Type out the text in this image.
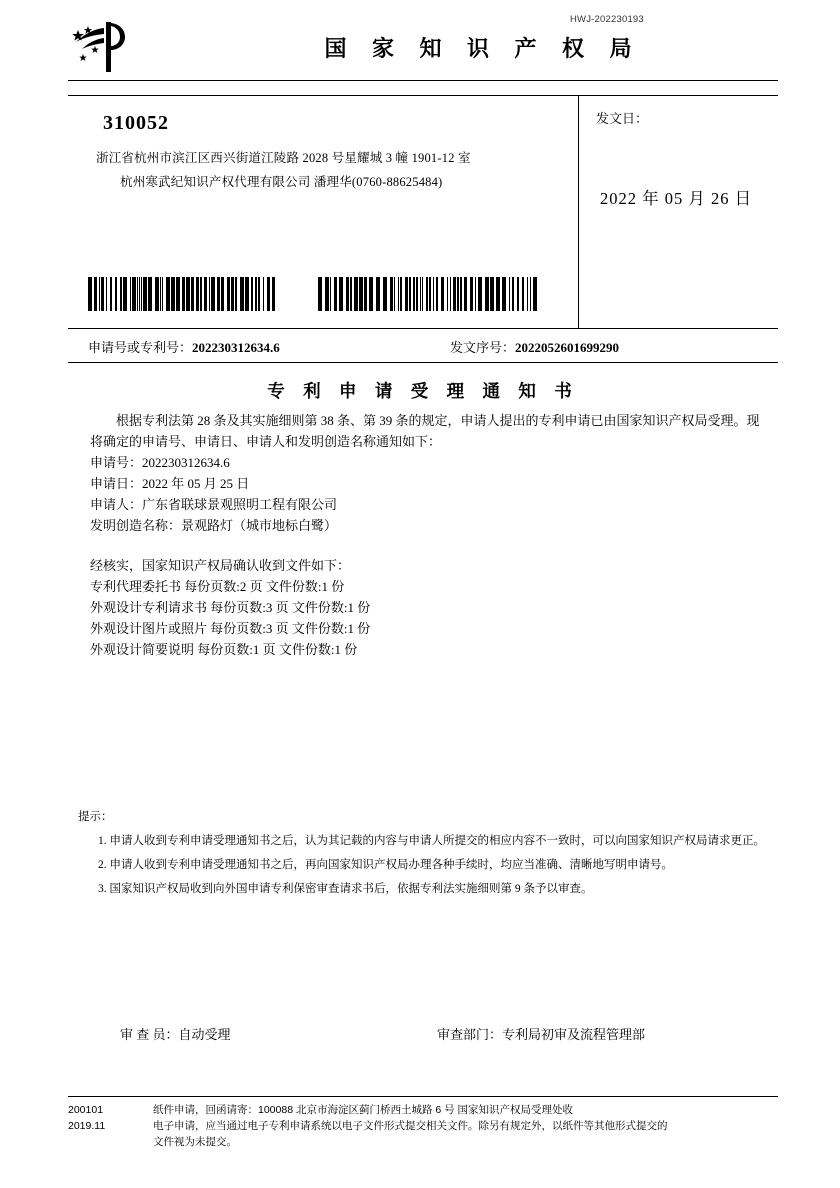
HWJ-202230193
国 家 知 识 产 权 局
310052
浙江省杭州市滨江区西兴街道江陵路 2028 号星耀城 3 幢 1901-12 室
杭州寒武纪知识产权代理有限公司 潘理华(0760-88625484)
发文日：
2022 年 05 月 26 日
申请号或专利号：202230312634.6	发文序号：2022052601699290
专 利 申 请 受 理 通 知 书

根据专利法第 28 条及其实施细则第 38 条、第 39 条的规定，申请人提出的专利申请已由国家知识产权局受理。现将确定的申请号、申请日、申请人和发明创造名称通知如下：

申请号：202230312634.6

申请日：2022 年 05 月 25 日

申请人：广东省联球景观照明工程有限公司

发明创造名称：景观路灯（城市地标白鹭）

经核实，国家知识产权局确认收到文件如下：

专利代理委托书 每份页数:2 页 文件份数:1 份

外观设计专利请求书 每份页数:3 页 文件份数:1 份

外观设计图片或照片 每份页数:3 页 文件份数:1 份

外观设计简要说明 每份页数:1 页 文件份数:1 份

提示：

1. 申请人收到专利申请受理通知书之后，认为其记载的内容与申请人所提交的相应内容不一致时，可以向国家知识产权局请求更正。

2. 申请人收到专利申请受理通知书之后，再向国家知识产权局办理各种手续时，均应当准确、清晰地写明申请号。

3. 国家知识产权局收到向外国申请专利保密审查请求书后，依据专利法实施细则第 9 条予以审查。

审 查 员：自动受理	审查部门：专利局初审及流程管理部
200101
2019.11
纸件申请，回函请寄：100088 北京市海淀区蓟门桥西土城路 6 号 国家知识产权局受理处收
电子申请，应当通过电子专利申请系统以电子文件形式提交相关文件。除另有规定外，以纸件等其他形式提交的
文件视为未提交。
